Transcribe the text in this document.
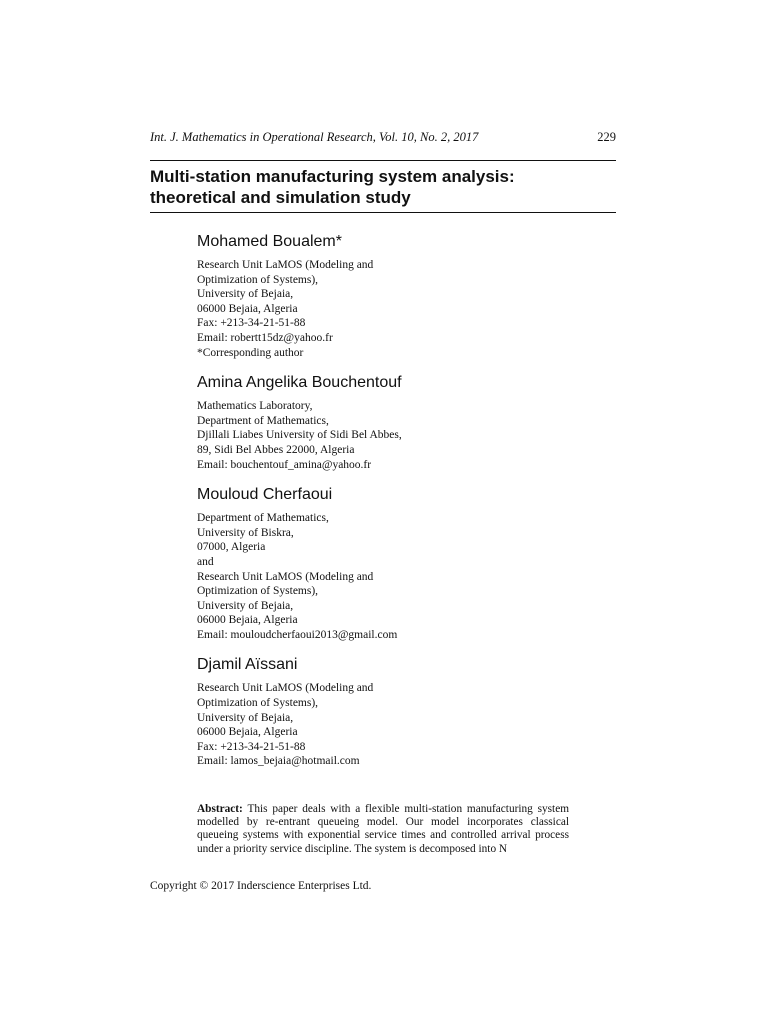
Int. J. Mathematics in Operational Research, Vol. 10, No. 2, 2017	229
Multi-station manufacturing system analysis:
theoretical and simulation study
Mohamed Boualem*
Research Unit LaMOS (Modeling and
Optimization of Systems),
University of Bejaia,
06000 Bejaia, Algeria
Fax: +213-34-21-51-88
Email: robertt15dz@yahoo.fr
*Corresponding author
Amina Angelika Bouchentouf
Mathematics Laboratory,
Department of Mathematics,
Djillali Liabes University of Sidi Bel Abbes,
89, Sidi Bel Abbes 22000, Algeria
Email: bouchentouf_amina@yahoo.fr
Mouloud Cherfaoui
Department of Mathematics,
University of Biskra,
07000, Algeria
and
Research Unit LaMOS (Modeling and
Optimization of Systems),
University of Bejaia,
06000 Bejaia, Algeria
Email: mouloudcherfaoui2013@gmail.com
Djamil Aïssani
Research Unit LaMOS (Modeling and
Optimization of Systems),
University of Bejaia,
06000 Bejaia, Algeria
Fax: +213-34-21-51-88
Email: lamos_bejaia@hotmail.com
Abstract: This paper deals with a flexible multi-station manufacturing system modelled by re-entrant queueing model. Our model incorporates classical queueing systems with exponential service times and controlled arrival process under a priority service discipline. The system is decomposed into N
Copyright © 2017 Inderscience Enterprises Ltd.
